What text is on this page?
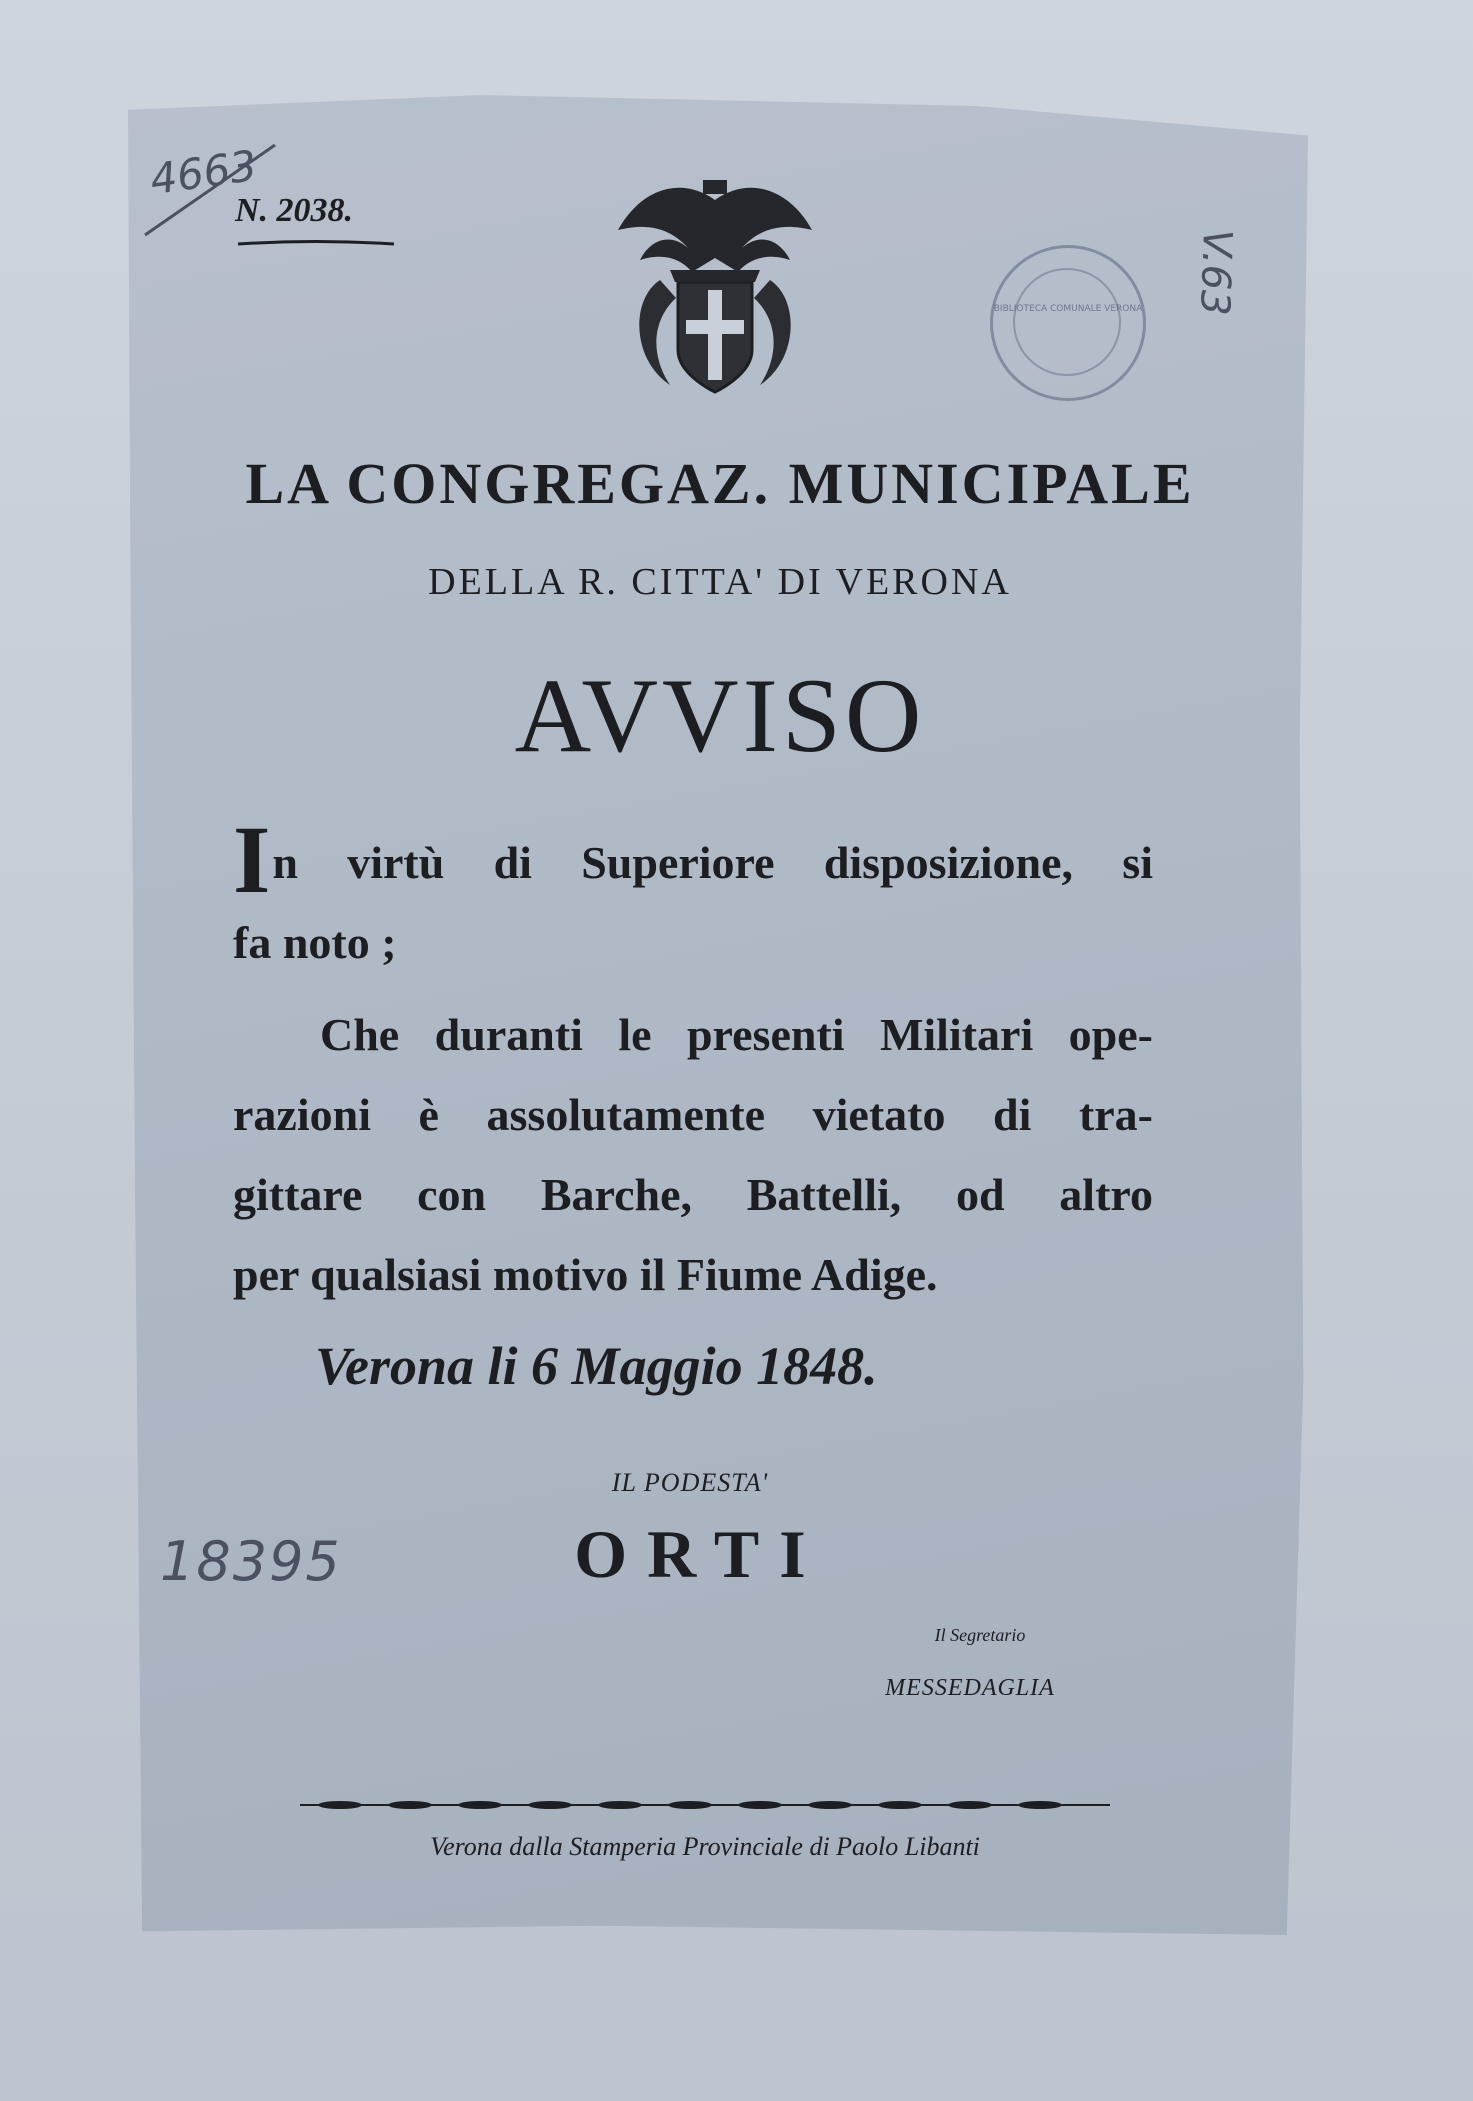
4663
V.63
N. 2038.
18395
BIBLIOTECA COMUNALE VERONA
LA CONGREGAZ. MUNICIPALE
DELLA R. CITTA' DI VERONA
AVVISO
In virtù di Superiore disposizione, si
fa noto ;
Che duranti le presenti Militari ope-
razioni è assolutamente vietato di tra-
gittare con Barche, Battelli, od altro
per qualsiasi motivo il Fiume Adige.
Verona li 6 Maggio 1848.
IL PODESTA'
ORTI
Il Segretario
MESSEDAGLIA
Verona dalla Stamperia Provinciale di Paolo Libanti
